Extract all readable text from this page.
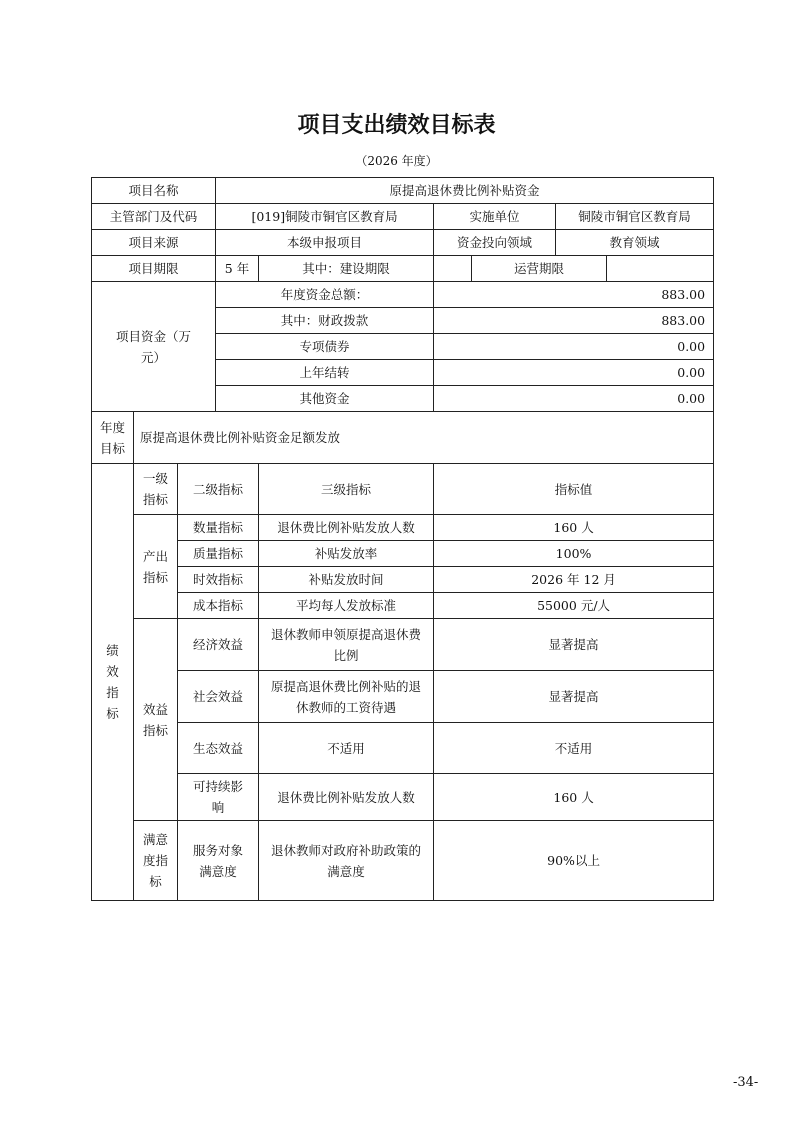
项目支出绩效目标表
（2026 年度）
项目名称			原提高退休费比例补贴资金					
主管部门及代码			[019]铜陵市铜官区教育局		实施单位		铜陵市铜官区教育局	
项目来源			本级申报项目		资金投向领域		教育领域	
项目期限			5 年	其中：建设期限		运营期限		
项目资金（万元）			年度资金总额：		883.00			
			其中：财政拨款		883.00			
			专项债券		0.00			
			上年结转		0.00			
			其他资金		0.00			
年度目标	原提高退休费比例补贴资金足额发放							
绩效指标	一级指标	二级指标		三级指标	指标值			
	产出指标	数量指标		退休费比例补贴发放人数	160 人			
		质量指标		补贴发放率	100%			
		时效指标		补贴发放时间	2026 年 12 月			
		成本指标		平均每人发放标准	55000 元/人			
	效益指标	经济效益		退休教师申领原提高退休费比例	显著提高			
		社会效益		原提高退休费比例补贴的退休教师的工资待遇	显著提高			
		生态效益		不适用	不适用			
		可持续影响		退休费比例补贴发放人数	160 人			
	满意度指标	服务对象满意度		退休教师对政府补助政策的满意度	90%以上			
-34-
